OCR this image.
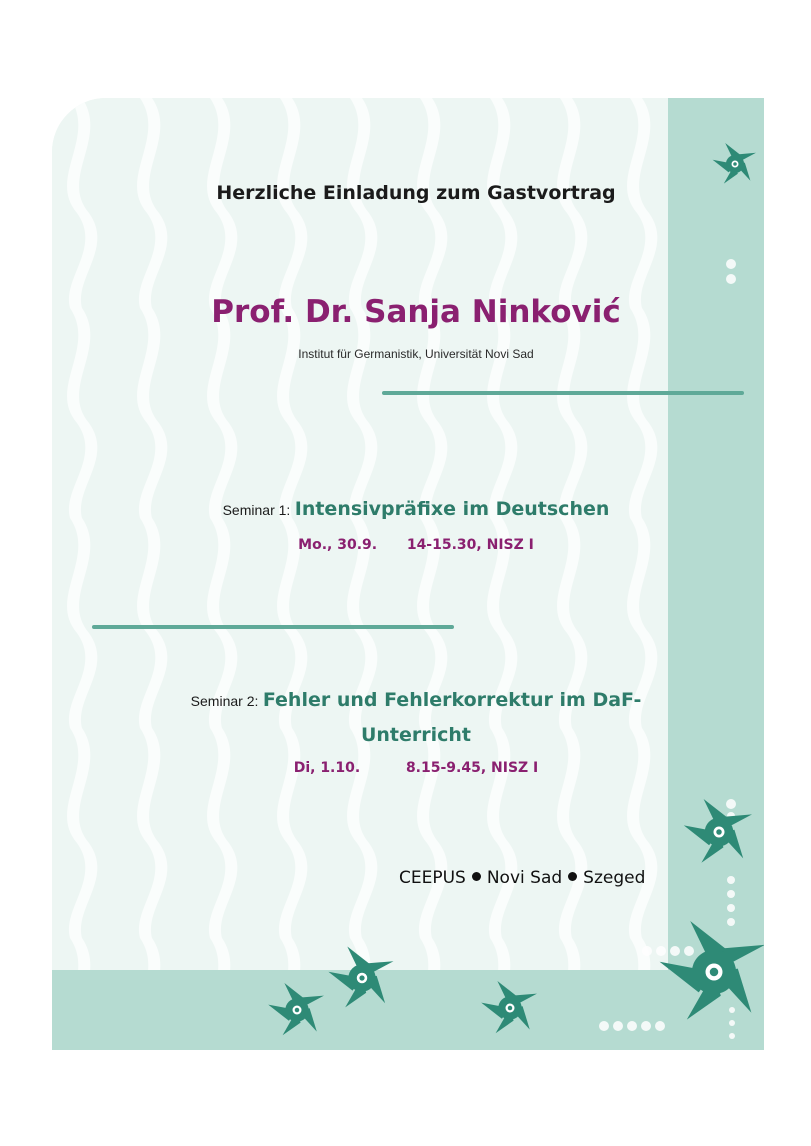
Herzliche Einladung zum Gastvortrag
Prof. Dr. Sanja Ninković
Institut für Germanistik, Universität Novi Sad
Seminar 1: Intensivpräfixe im Deutschen
Mo., 30.9. 14-15.30, NISZ I
Seminar 2: Fehler und Fehlerkorrektur im DaF-
Unterricht
Di, 1.10.	8.15-9.45, NISZ I
CEEPUS Novi Sad Szeged
